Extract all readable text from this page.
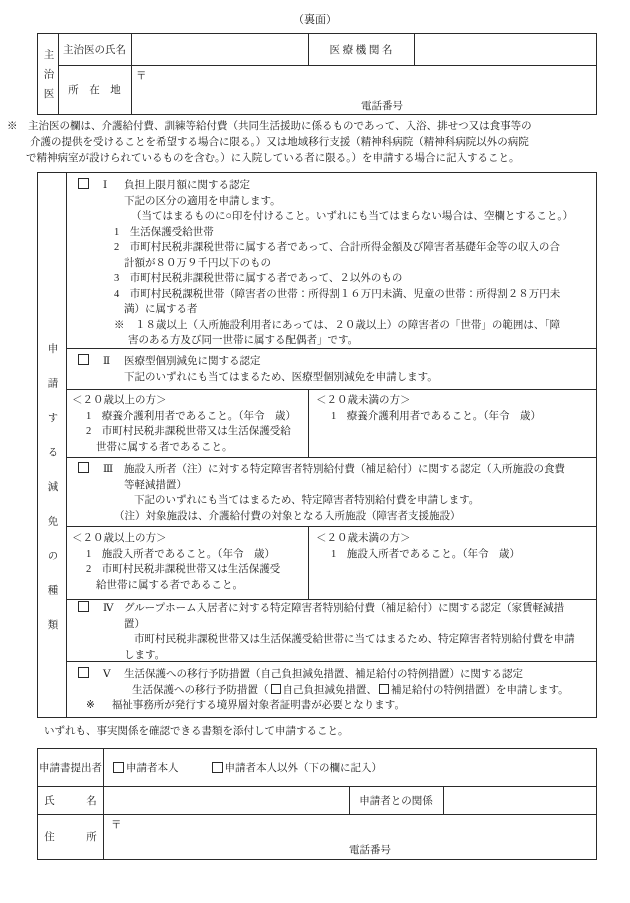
（裏面）
主治医 主治医の氏名	医 療 機 関 名
所　在　地
〒
電話番号
※　主治医の欄は、介護給付費、訓練等給付費（共同生活援助に係るものであって、入浴、排せつ又は食事等の
介護の提供を受けることを希望する場合に限る。）又は地域移行支援（精神科病院（精神科病院以外の病院
で精神病室が設けられているものを含む。）に入院している者に限る。）を申請する場合に記入すること。
申請する減免の種類
Ⅰ 負担上限月額に関する認定
下記の区分の適用を申請します。
（当てはまるものに○印を付けること。いずれにも当てはまらない場合は、空欄とすること。）
1　生活保護受給世帯
2　市町村民税非課税世帯に属する者であって、合計所得金額及び障害者基礎年金等の収入の合
計額が８０万９千円以下のもの
3　市町村民税非課税世帯に属する者であって、２以外のもの
4　市町村民税課税世帯（障害者の世帯：所得割１６万円未満、児童の世帯：所得割２８万円未
満）に属する者
※　１８歳以上（入所施設利用者にあっては、２０歳以上）の障害者の「世帯」の範囲は、「障
害のある方及び同一世帯に属する配偶者」です。
Ⅱ 医療型個別減免に関する認定
下記のいずれにも当てはまるため、医療型個別減免を申請します。
＜２０歳以上の方＞
1　療養介護利用者であること。（年令　歳）
2　市町村民税非課税世帯又は生活保護受給
世帯に属する者であること。
＜２０歳未満の方＞
1　療養介護利用者であること。（年令　歳）
Ⅲ 施設入所者（注）に対する特定障害者特別給付費（補足給付）に関する認定（入所施設の食費
等軽減措置）
下記のいずれにも当てはまるため、特定障害者特別給付費を申請します。
（注）対象施設は、介護給付費の対象となる入所施設（障害者支援施設）
＜２０歳以上の方＞
1　施設入所者であること。（年令　歳）
2　市町村民税非課税世帯又は生活保護受
給世帯に属する者であること。
＜２０歳未満の方＞
1　施設入所者であること。（年令　歳）
Ⅳ グループホーム入居者に対する特定障害者特別給付費（補足給付）に関する認定（家賃軽減措
置）
市町村民税非課税世帯又は生活保護受給世帯に当てはまるため、特定障害者特別給付費を申請
します。
Ⅴ 生活保護への移行予防措置（自己負担減免措置、補足給付の特例措置）に関する認定
生活保護への移行予防措置（ 自己負担減免措置、 補足給付の特例措置）を申請します。
※ 福祉事務所が発行する境界層対象者証明書が必要となります。
いずれも、事実関係を確認できる書類を添付して申請すること。
申請書提出者 申請者本人	申請者本人以外（下の欄に記入）
氏　　　名	申請者との関係
住　　　所
〒
電話番号
